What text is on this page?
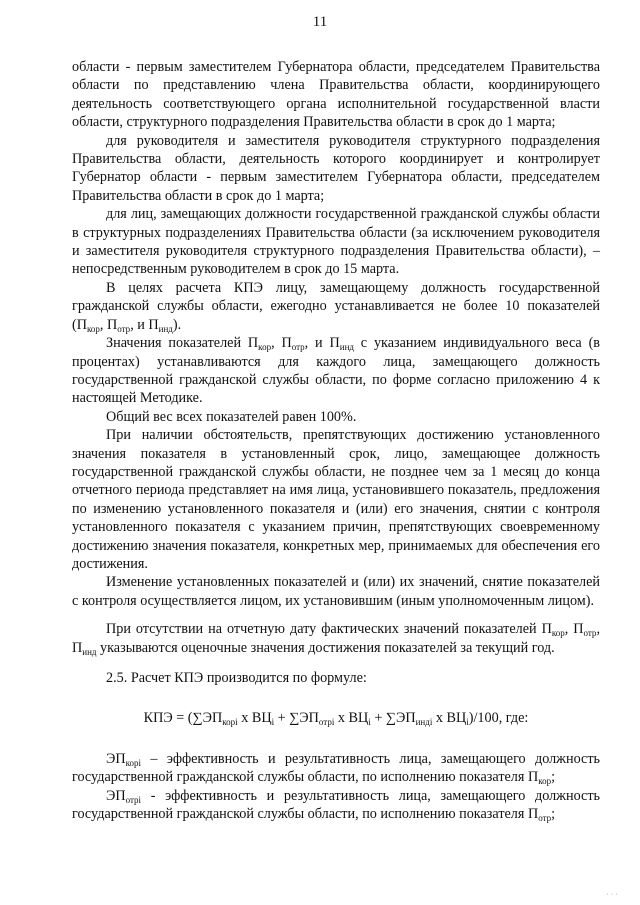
11

области - первым заместителем Губернатора области, председателем Правительства области по представлению члена Правительства области, координирующего деятельность соответствующего органа исполнительной государственной власти области, структурного подразделения Правительства области в срок до 1 марта;

для руководителя и заместителя руководителя структурного подразделения Правительства области, деятельность которого координирует и контролирует Губернатор области - первым заместителем Губернатора области, председателем Правительства области в срок до 1 марта;

для лиц, замещающих должности государственной гражданской службы области в структурных подразделениях Правительства области (за исключением руководителя и заместителя руководителя структурного подразделения Правительства области), – непосредственным руководителем в срок до 15 марта.

В целях расчета КПЭ лицу, замещающему должность государственной гражданской службы области, ежегодно устанавливается не более 10 показателей ($П_{кор}$, $П_{отр}$, и $П_{инд}$).

Значения показателей $П_{кор}$, $П_{отр}$, и $П_{инд}$ с указанием индивидуального веса (в процентах) устанавливаются для каждого лица, замещающего должность государственной гражданской службы области, по форме согласно приложению 4 к настоящей Методике.

Общий вес всех показателей равен 100%.

При наличии обстоятельств, препятствующих достижению установленного значения показателя в установленный срок, лицо, замещающее должность государственной гражданской службы области, не позднее чем за 1 месяц до конца отчетного периода представляет на имя лица, установившего показатель, предложения по изменению установленного показателя и (или) его значения, снятии с контроля установленного показателя с указанием причин, препятствующих своевременному достижению значения показателя, конкретных мер, принимаемых для обеспечения его достижения.

Изменение установленных показателей и (или) их значений, снятие показателей с контроля осуществляется лицом, их установившим (иным уполномоченным лицом).

При отсутствии на отчетную дату фактических значений показателей $П_{кор}$, $П_{отр}$, $П_{инд}$ указываются оценочные значения достижения показателей за текущий год.

2.5. Расчет КПЭ производится по формуле:

КПЭ = ($\sum ЭП_{корi}$ х $ВЦ_i + \sum ЭП_{отрi}$ х $ВЦ_i + \sum ЭП_{индi}$ х $ВЦ_i)/100$, где:

$ЭП_{корi}$ – эффективность и результативность лица, замещающего должность государственной гражданской службы области, по исполнению показателя $П_{кор}$;

$ЭП_{отрi}$ - эффективность и результативность лица, замещающего должность государственной гражданской службы области, по исполнению показателя $П_{отр}$;

· · ·
